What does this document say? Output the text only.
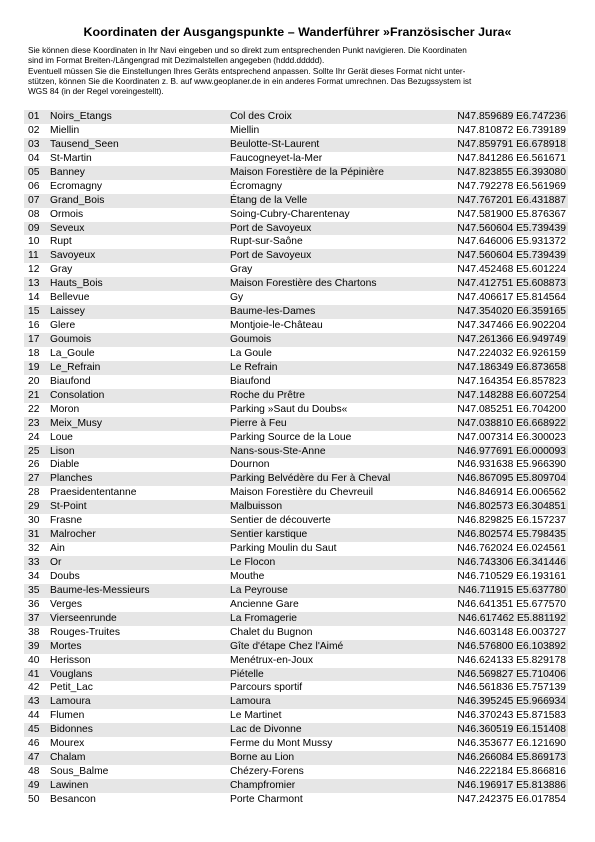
Koordinaten der Ausgangspunkte – Wanderführer »Französischer Jura«

Sie können diese Koordinaten in Ihr Navi eingeben und so direkt zum entsprechenden Punkt navigieren. Die Koordinaten

sind im Format Breiten-/Längengrad mit Dezimalstellen angegeben (hddd.ddddd).

Eventuell müssen Sie die Einstellungen Ihres Geräts entsprechend anpassen. Sollte Ihr Gerät dieses Format nicht unter-

stützen, können Sie die Koordinaten z. B. auf www.geoplaner.de in ein anderes Format umrechnen. Das Bezugssystem ist

WGS 84 (in der Regel voreingestellt).

01	Noirs_Etangs	Col des Croix	N47.859689 E6.747236
02	Miellin	Miellin	N47.810872 E6.739189
03	Tausend_Seen	Beulotte-St-Laurent	N47.859791 E6.678918
04	St-Martin	Faucogneyet-la-Mer	N47.841286 E6.561671
05	Banney	Maison Forestière de la Pépinière	N47.823855 E6.393080
06	Ecromagny	Écromagny	N47.792278 E6.561969
07	Grand_Bois	Étang de la Velle	N47.767201 E6.431887
08	Ormois	Soing-Cubry-Charentenay	N47.581900 E5.876367
09	Seveux	Port de Savoyeux	N47.560604 E5.739439
10	Rupt	Rupt-sur-Saône	N47.646006 E5.931372
11	Savoyeux	Port de Savoyeux	N47.560604 E5.739439
12	Gray	Gray	N47.452468 E5.601224
13	Hauts_Bois	Maison Forestière des Chartons	N47.412751 E5.608873
14	Bellevue	Gy	N47.406617 E5.814564
15	Laissey	Baume-les-Dames	N47.354020 E6.359165
16	Glere	Montjoie-le-Château	N47.347466 E6.902204
17	Goumois	Goumois	N47.261366 E6.949749
18	La_Goule	La Goule	N47.224032 E6.926159
19	Le_Refrain	Le Refrain	N47.186349 E6.873658
20	Biaufond	Biaufond	N47.164354 E6.857823
21	Consolation	Roche du Prêtre	N47.148288 E6.607254
22	Moron	Parking »Saut du Doubs«	N47.085251 E6.704200
23	Meix_Musy	Pierre à Feu	N47.038810 E6.668922
24	Loue	Parking Source de la Loue	N47.007314 E6.300023
25	Lison	Nans-sous-Ste-Anne	N46.977691 E6.000093
26	Diable	Dournon	N46.931638 E5.966390
27	Planches	Parking Belvédère du Fer à Cheval	N46.867095 E5.809704
28	Praesidententanne	Maison Forestière du Chevreuil	N46.846914 E6.006562
29	St-Point	Malbuisson	N46.802573 E6.304851
30	Frasne	Sentier de découverte	N46.829825 E6.157237
31	Malrocher	Sentier karstique	N46.802574 E5.798435
32	Ain	Parking Moulin du Saut	N46.762024 E6.024561
33	Or	Le Flocon	N46.743306 E6.341446
34	Doubs	Mouthe	N46.710529 E6.193161
35	Baume-les-Messieurs	La Peyrouse	N46.711915 E5.637780
36	Verges	Ancienne Gare	N46.641351 E5.677570
37	Vierseenrunde	La Fromagerie	N46.617462 E5.881192
38	Rouges-Truites	Chalet du Bugnon	N46.603148 E6.003727
39	Mortes	Gîte d'étape Chez l'Aimé	N46.576800 E6.103892
40	Herisson	Menétrux-en-Joux	N46.624133 E5.829178
41	Vouglans	Piételle	N46.569827 E5.710406
42	Petit_Lac	Parcours sportif	N46.561836 E5.757139
43	Lamoura	Lamoura	N46.395245 E5.966934
44	Flumen	Le Martinet	N46.370243 E5.871583
45	Bidonnes	Lac de Divonne	N46.360519 E6.151408
46	Mourex	Ferme du Mont Mussy	N46.353677 E6.121690
47	Chalam	Borne au Lion	N46.266084 E5.869173
48	Sous_Balme	Chézery-Forens	N46.222184 E5.866816
49	Lawinen	Champfromier	N46.196917 E5.813886
50	Besancon	Porte Charmont	N47.242375 E6.017854
